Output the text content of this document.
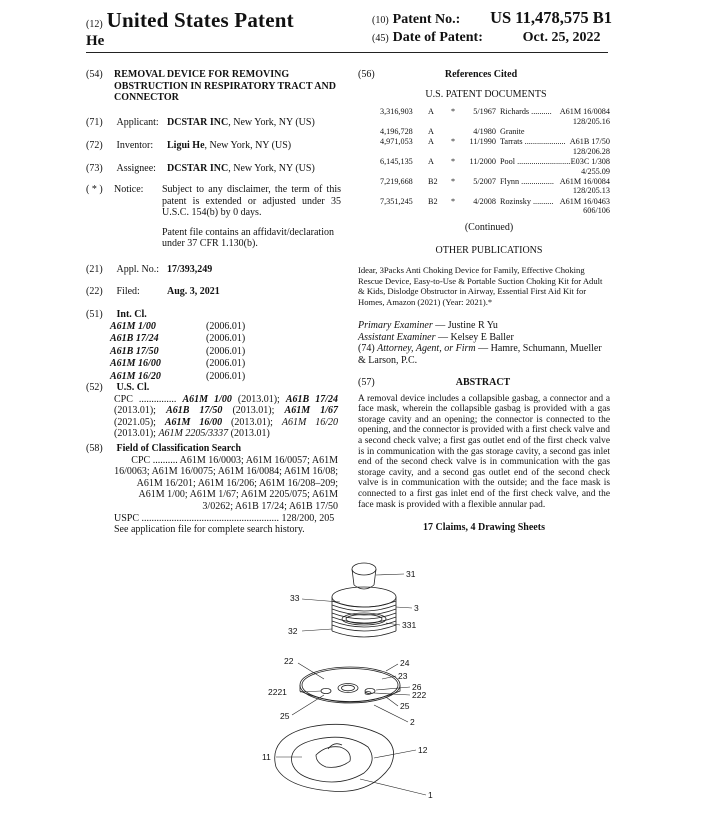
(12) United States Patent
He
(10) Patent No.:	US 11,478,575 B1
(45) Date of Patent:	Oct. 25, 2022
(54)	REMOVAL DEVICE FOR REMOVING OBSTRUCTION IN RESPIRATORY TRACT AND CONNECTOR
(71) Applicant: DCSTAR INC, New York, NY (US)
(72) Inventor: Ligui He, New York, NY (US)
(73) Assignee: DCSTAR INC, New York, NY (US)
( * )	Notice:	Subject to any disclaimer, the term of this patent is extended or adjusted under 35 U.S.C. 154(b) by 0 days.
Patent file contains an affidavit/declaration under 37 CFR 1.130(b).
(21) Appl. No.: 17/393,249
(22) Filed:	Aug. 3, 2021
(51) Int. Cl.
A61M 1/00	(2006.01)
A61B 17/24	(2006.01)
A61B 17/50	(2006.01)
A61M 16/00	(2006.01)
A61M 16/20	(2006.01)
(52) U.S. Cl.
CPC ............... A61M 1/00 (2013.01); A61B 17/24 (2013.01); A61B 17/50 (2013.01); A61M 1/67 (2021.05); A61M 16/00 (2013.01); A61M 16/20 (2013.01); A61M 2205/3337 (2013.01)
(58) Field of Classification Search
CPC .......... A61M 16/0003; A61M 16/0057; A61M 16/0063; A61M 16/0075; A61M 16/0084; A61M 16/08; A61M 16/201; A61M 16/206; A61M 16/208–209; A61M 1/00; A61M 1/67; A61M 2205/075; A61M 3/0262; A61B 17/24; A61B 17/50
USPC ....................................................... 128/200, 205
See application file for complete search history.
(56)	References Cited
U.S. PATENT DOCUMENTS
3,316,903	A	*	5/1967 Richards .......... A61M 16/0084
128/205.16
4,196,728	A	4/1980 Granite
4,971,053	A	*	11/1990 Tarrats .................... A61B 17/50
128/206.28
6,145,135	A	*	11/2000 Pool .......................... E03C 1/308
4/255.09
7,219,668	B2	*	5/2007 Flynn ................ A61M 16/0084
128/205.13
7,351,245	B2	*	4/2008 Rozinsky .......... A61M 16/0463
606/106
(Continued)
OTHER PUBLICATIONS
Idear, 3Packs Anti Choking Device for Family, Effective Choking Rescue Device, Easy-to-Use & Portable Suction Choking Kit for Adult & Kids, Dislodge Obstructor in Airway, Essential First Aid Kit for Homes, Amazon (2021) (Year: 2021).*
Primary Examiner — Justine R Yu
Assistant Examiner — Kelsey E Baller
(74) Attorney, Agent, or Firm — Hamre, Schumann, Mueller & Larson, P.C.
(57)	ABSTRACT
A removal device includes a collapsible gasbag, a connector and a face mask, wherein the collapsible gasbag is provided with a gas storage cavity and an opening; the connector is connected to the opening, and the connector is provided with a first check valve and a second check valve; a first gas outlet end of the first check valve is in communication with the gas storage cavity, a second gas inlet end of the second check valve is in communication with the gas storage cavity, and a second gas outlet end of the second check valve is in communication with the outside; and the face mask is connected to a first gas inlet end of the first check valve, and the face mask is provided with a flexible annular pad.
17 Claims, 4 Drawing Sheets
31
33
3
32
331
22	24
23
2221	26
222
25
25
2
12
11
1
